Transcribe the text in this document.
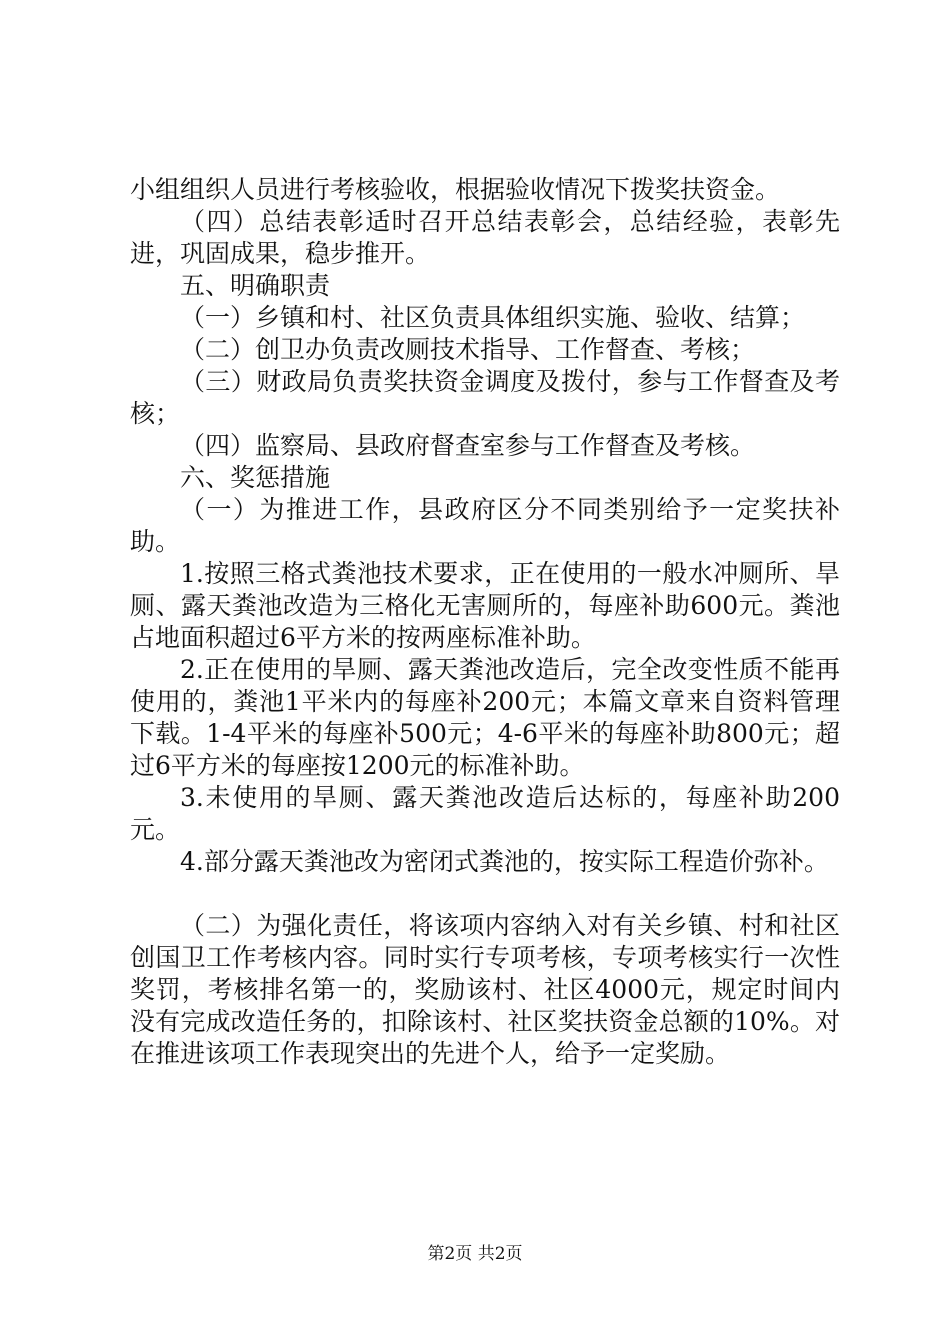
小组组织人员进行考核验收，根据验收情况下拨奖扶资金。

（四）总结表彰适时召开总结表彰会，总结经验，表彰先进，巩固成果，稳步推开。

五、明确职责

（一）乡镇和村、社区负责具体组织实施、验收、结算；

（二）创卫办负责改厕技术指导、工作督查、考核；

（三）财政局负责奖扶资金调度及拨付，参与工作督查及考核；

（四）监察局、县政府督查室参与工作督查及考核。

六、奖惩措施

（一）为推进工作，县政府区分不同类别给予一定奖扶补助。

1.按照三格式粪池技术要求，正在使用的一般水冲厕所、旱厕、露天粪池改造为三格化无害厕所的，每座补助600元。粪池占地面积超过6平方米的按两座标准补助。

2.正在使用的旱厕、露天粪池改造后，完全改变性质不能再使用的，粪池1平米内的每座补200元；本篇文章来自资料管理下载。1-4平米的每座补500元；4-6平米的每座补助800元；超过6平方米的每座按1200元的标准补助。

3.未使用的旱厕、露天粪池改造后达标的，每座补助200元。

4.部分露天粪池改为密闭式粪池的，按实际工程造价弥补。

（二）为强化责任，将该项内容纳入对有关乡镇、村和社区创国卫工作考核内容。同时实行专项考核，专项考核实行一次性奖罚，考核排名第一的，奖励该村、社区4000元，规定时间内没有完成改造任务的，扣除该村、社区奖扶资金总额的10%。对在推进该项工作表现突出的先进个人，给予一定奖励。

第2页 共2页
